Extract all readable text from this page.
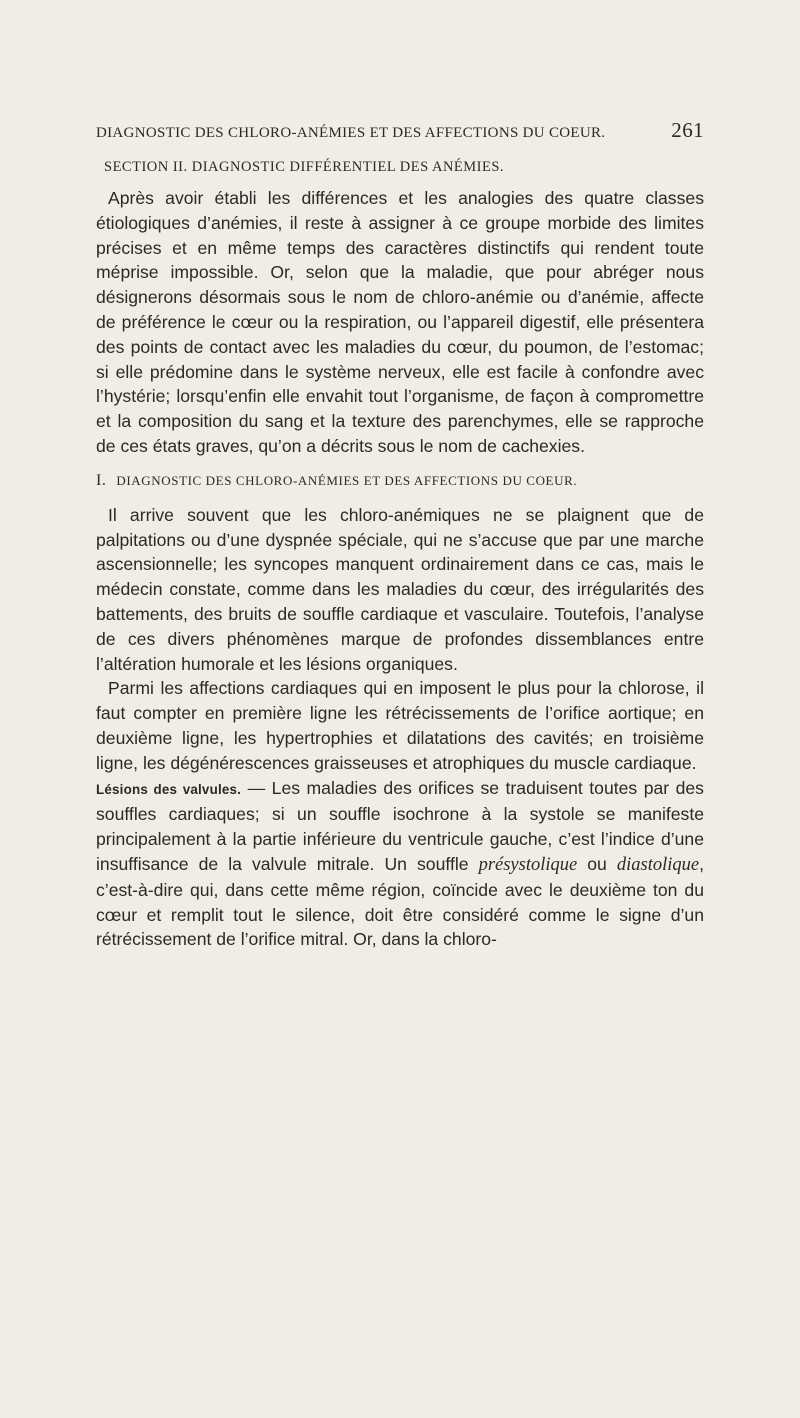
DIAGNOSTIC DES CHLORO-ANÉMIES ET DES AFFECTIONS DU COEUR.	261
SECTION II. DIAGNOSTIC DIFFÉRENTIEL DES ANÉMIES.

Après avoir établi les différences et les analogies des quatre classes étiologiques d’anémies, il reste à assigner à ce groupe morbide des limites précises et en même temps des caractères distinctifs qui rendent toute méprise impossible. Or, selon que la maladie, que pour abréger nous désignerons désormais sous le nom de chloro-anémie ou d’anémie, affecte de préférence le cœur ou la respiration, ou l’appareil digestif, elle présentera des points de contact avec les maladies du cœur, du poumon, de l’estomac; si elle prédomine dans le système nerveux, elle est facile à confondre avec l’hystérie; lorsqu’enfin elle envahit tout l’organisme, de façon à compromettre et la composition du sang et la texture des parenchymes, elle se rapproche de ces états graves, qu’on a décrits sous le nom de cachexies.

I. DIAGNOSTIC DES CHLORO-ANÉMIES ET DES AFFECTIONS DU COEUR.

Il arrive souvent que les chloro-anémiques ne se plaignent que de palpitations ou d’une dyspnée spéciale, qui ne s’accuse que par une marche ascensionnelle; les syncopes manquent ordinairement dans ce cas, mais le médecin constate, comme dans les maladies du cœur, des irrégularités des battements, des bruits de souffle cardiaque et vasculaire. Toutefois, l’analyse de ces divers phénomènes marque de profondes dissemblances entre l’altération humorale et les lésions organiques.

Parmi les affections cardiaques qui en imposent le plus pour la chlorose, il faut compter en première ligne les rétrécissements de l’orifice aortique; en deuxième ligne, les hypertrophies et dilatations des cavités; en troisième ligne, les dégénérescences graisseuses et atrophiques du muscle cardiaque.

Lésions des valvules. — Les maladies des orifices se traduisent toutes par des souffles cardiaques; si un souffle isochrone à la systole se manifeste principalement à la partie inférieure du ventricule gauche, c’est l’indice d’une insuffisance de la valvule mitrale. Un souffle présystolique ou diastolique, c’est-à-dire qui, dans cette même région, coïncide avec le deuxième ton du cœur et remplit tout le silence, doit être considéré comme le signe d’un rétrécissement de l’orifice mitral. Or, dans la chloro-
